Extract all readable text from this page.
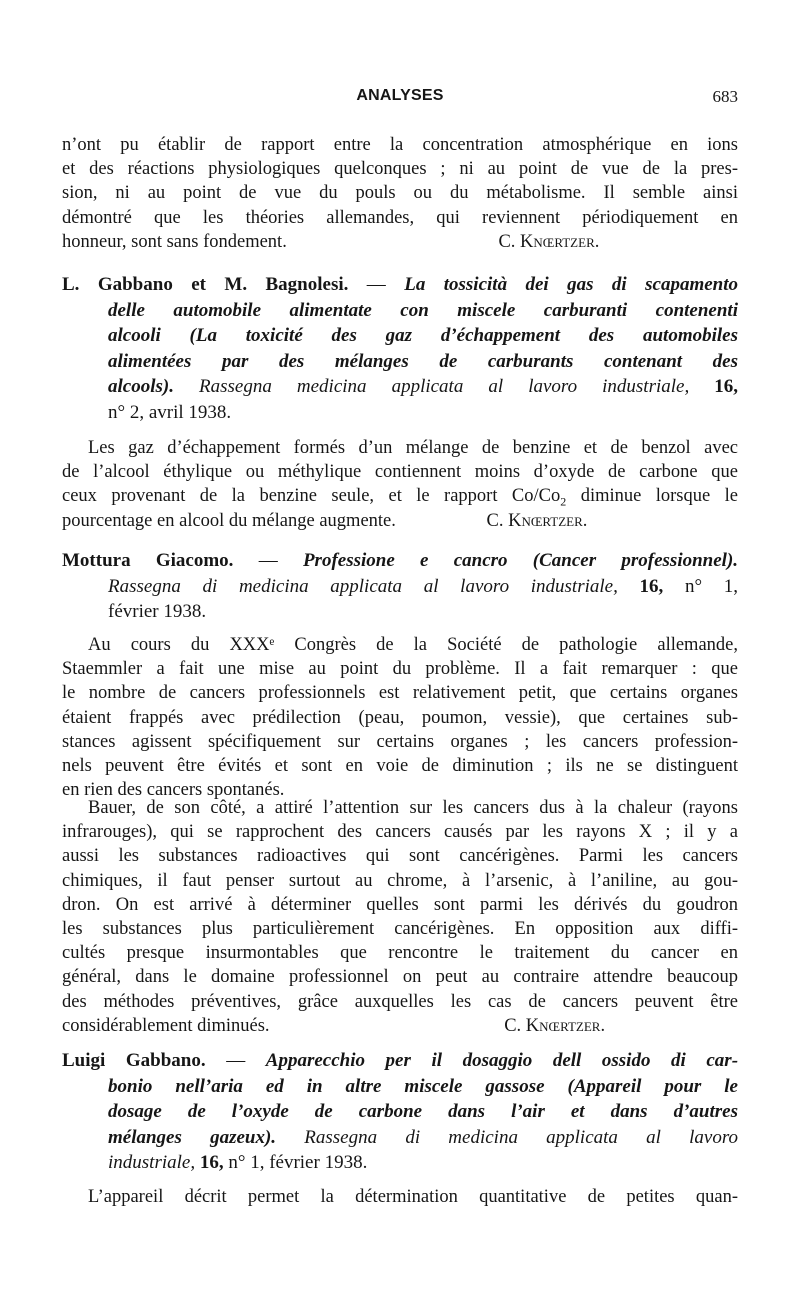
ANALYSES	683
n’ont pu établir de rapport entre la concentration atmosphérique en ions
et des réactions physiologiques quelconques ; ni au point de vue de la pres-
sion, ni au point de vue du pouls ou du métabolisme. Il semble ainsi
démontré que les théories allemandes, qui reviennent périodiquement en
honneur, sont sans fondement.	C. Knœrtzer.
L. Gabbano et M. Bagnolesi. — La tossicità dei gas di scapamento
delle automobile alimentate con miscele carburanti contenenti
alcooli (La toxicité des gaz d’échappement des automobiles
alimentées par des mélanges de carburants contenant des
alcools). Rassegna medicina applicata al lavoro industriale, 16,
n° 2, avril 1938.
Les gaz d’échappement formés d’un mélange de benzine et de benzol avec
de l’alcool éthylique ou méthylique contiennent moins d’oxyde de carbone que
ceux provenant de la benzine seule, et le rapport $Co/Co_2$ diminue lorsque le
pourcentage en alcool du mélange augmente.	C. Knœrtzer.
Mottura Giacomo. — Professione e cancro (Cancer professionnel).
Rassegna di medicina applicata al lavoro industriale, 16, n° 1,
février 1938.
Au cours du XXXᵉ Congrès de la Société de pathologie allemande,
Staemmler a fait une mise au point du problème. Il a fait remarquer : que
le nombre de cancers professionnels est relativement petit, que certains organes
étaient frappés avec prédilection (peau, poumon, vessie), que certaines sub-
stances agissent spécifiquement sur certains organes ; les cancers profession-
nels peuvent être évités et sont en voie de diminution ; ils ne se distinguent
en rien des cancers spontanés.
Bauer, de son côté, a attiré l’attention sur les cancers dus à la chaleur (rayons
infrarouges), qui se rapprochent des cancers causés par les rayons X ; il y a
aussi les substances radioactives qui sont cancérigènes. Parmi les cancers
chimiques, il faut penser surtout au chrome, à l’arsenic, à l’aniline, au gou-
dron. On est arrivé à déterminer quelles sont parmi les dérivés du goudron
les substances plus particulièrement cancérigènes. En opposition aux diffi-
cultés presque insurmontables que rencontre le traitement du cancer en
général, dans le domaine professionnel on peut au contraire attendre beaucoup
des méthodes préventives, grâce auxquelles les cas de cancers peuvent être
considérablement diminués.	C. Knœrtzer.
Luigi Gabbano. — Apparecchio per il dosaggio dell ossido di car-
bonio nell’aria ed in altre miscele gassose (Appareil pour le
dosage de l’oxyde de carbone dans l’air et dans d’autres
mélanges gazeux). Rassegna di medicina applicata al lavoro
industriale, 16, n° 1, février 1938.
L’appareil décrit permet la détermination quantitative de petites quan-
